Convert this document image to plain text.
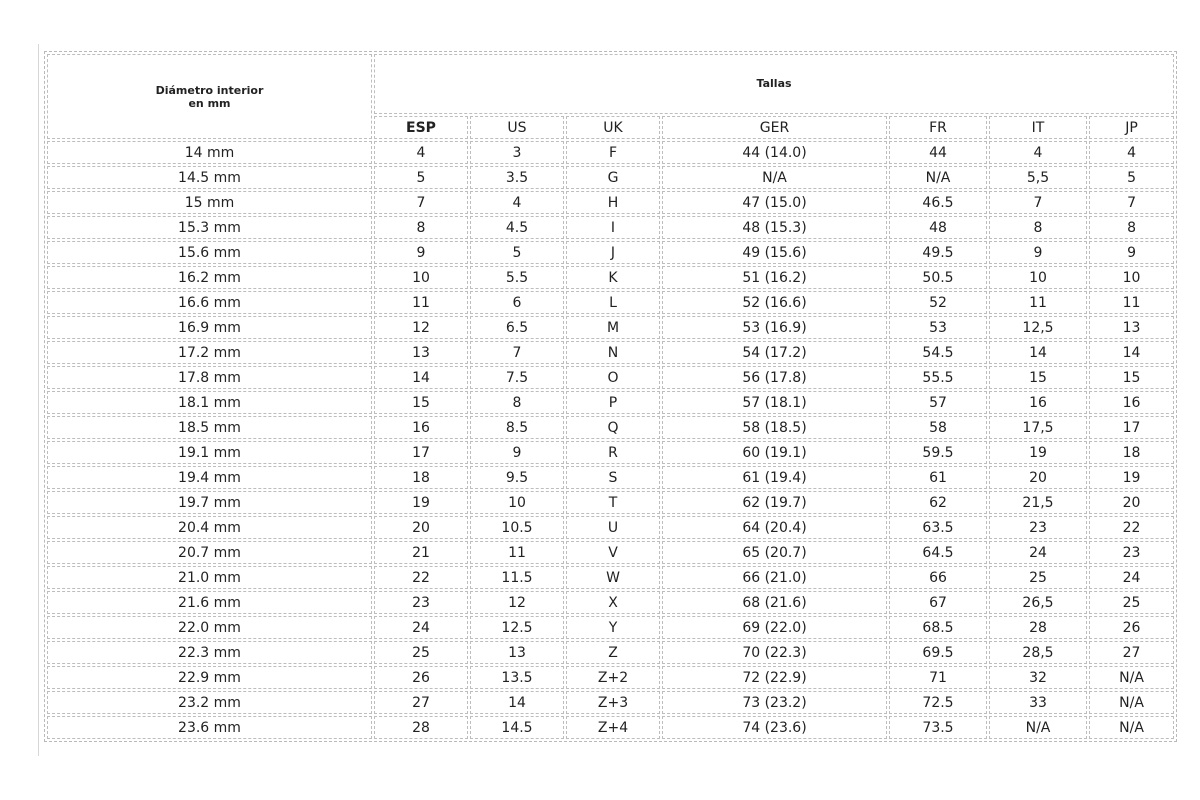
Diámetro interior
en mm	Tallas						
	ESP	US	UK	GER	FR	IT	JP
14 mm	4	3	F	44 (14.0)	44	4	4
14.5 mm	5	3.5	G	N/A	N/A	5,5	5
15 mm	7	4	H	47 (15.0)	46.5	7	7
15.3 mm	8	4.5	I	48 (15.3)	48	8	8
15.6 mm	9	5	J	49 (15.6)	49.5	9	9
16.2 mm	10	5.5	K	51 (16.2)	50.5	10	10
16.6 mm	11	6	L	52 (16.6)	52	11	11
16.9 mm	12	6.5	M	53 (16.9)	53	12,5	13
17.2 mm	13	7	N	54 (17.2)	54.5	14	14
17.8 mm	14	7.5	O	56 (17.8)	55.5	15	15
18.1 mm	15	8	P	57 (18.1)	57	16	16
18.5 mm	16	8.5	Q	58 (18.5)	58	17,5	17
19.1 mm	17	9	R	60 (19.1)	59.5	19	18
19.4 mm	18	9.5	S	61 (19.4)	61	20	19
19.7 mm	19	10	T	62 (19.7)	62	21,5	20
20.4 mm	20	10.5	U	64 (20.4)	63.5	23	22
20.7 mm	21	11	V	65 (20.7)	64.5	24	23
21.0 mm	22	11.5	W	66 (21.0)	66	25	24
21.6 mm	23	12	X	68 (21.6)	67	26,5	25
22.0 mm	24	12.5	Y	69 (22.0)	68.5	28	26
22.3 mm	25	13	Z	70 (22.3)	69.5	28,5	27
22.9 mm	26	13.5	Z+2	72 (22.9)	71	32	N/A
23.2 mm	27	14	Z+3	73 (23.2)	72.5	33	N/A
23.6 mm	28	14.5	Z+4	74 (23.6)	73.5	N/A	N/A
